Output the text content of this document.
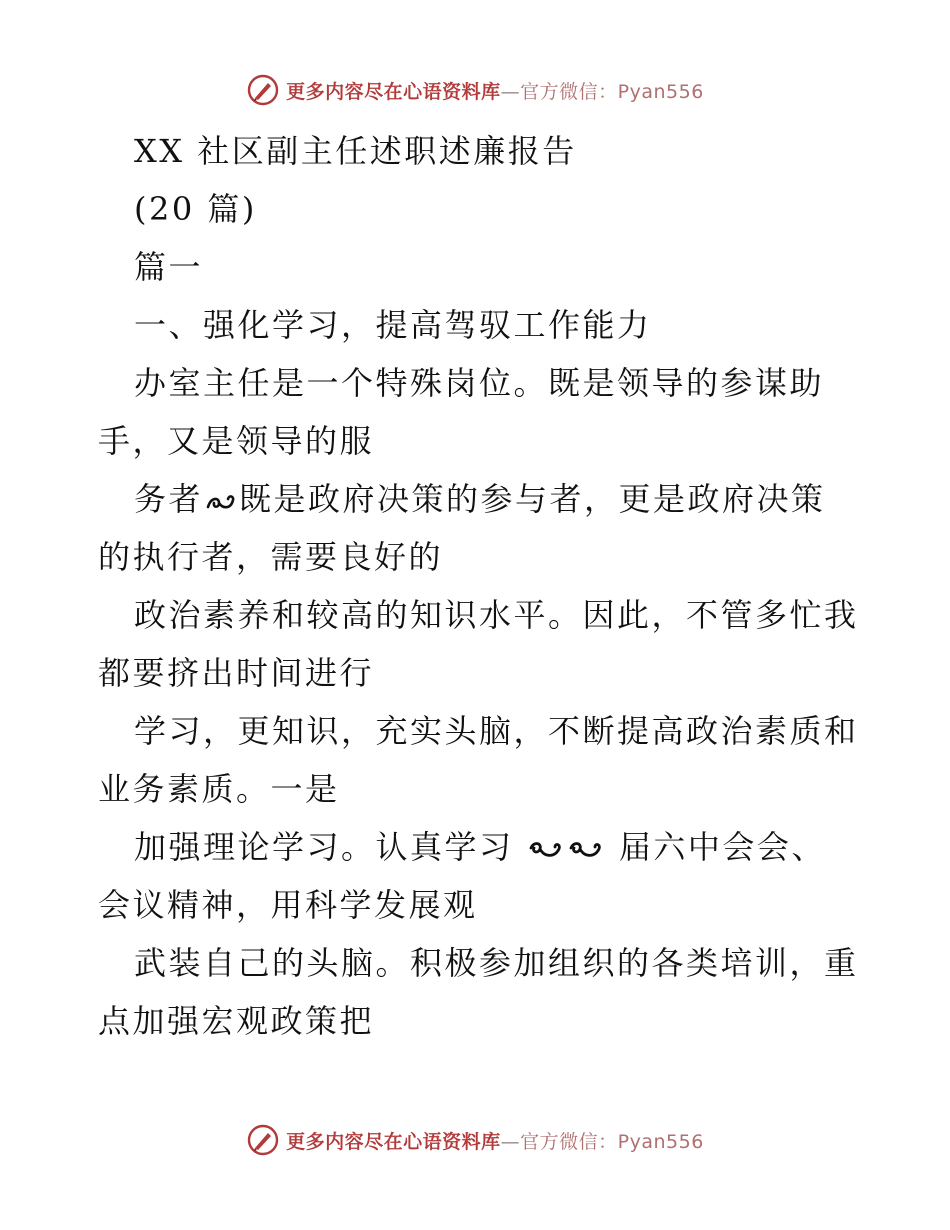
更多内容尽在心语资料库—官方微信：Pyan556
XX 社区副主任述职述廉报告
(20 篇)
篇一
一、强化学习，提高驾驭工作能力
办室主任是一个特殊岗位。既是领导的参谋助
手，又是领导的服
务者 既是政府决策的参与者，更是政府决策
的执行者，需要良好的
政治素养和较高的知识水平。因此，不管多忙我
都要挤出时间进行
学习，更知识，充实头脑，不断提高政治素质和
业务素质。一是
加强理论学习。认真学习	届六中会会、
会议精神，用科学发展观
武装自己的头脑。积极参加组织的各类培训，重
点加强宏观政策把
更多内容尽在心语资料库—官方微信：Pyan556
